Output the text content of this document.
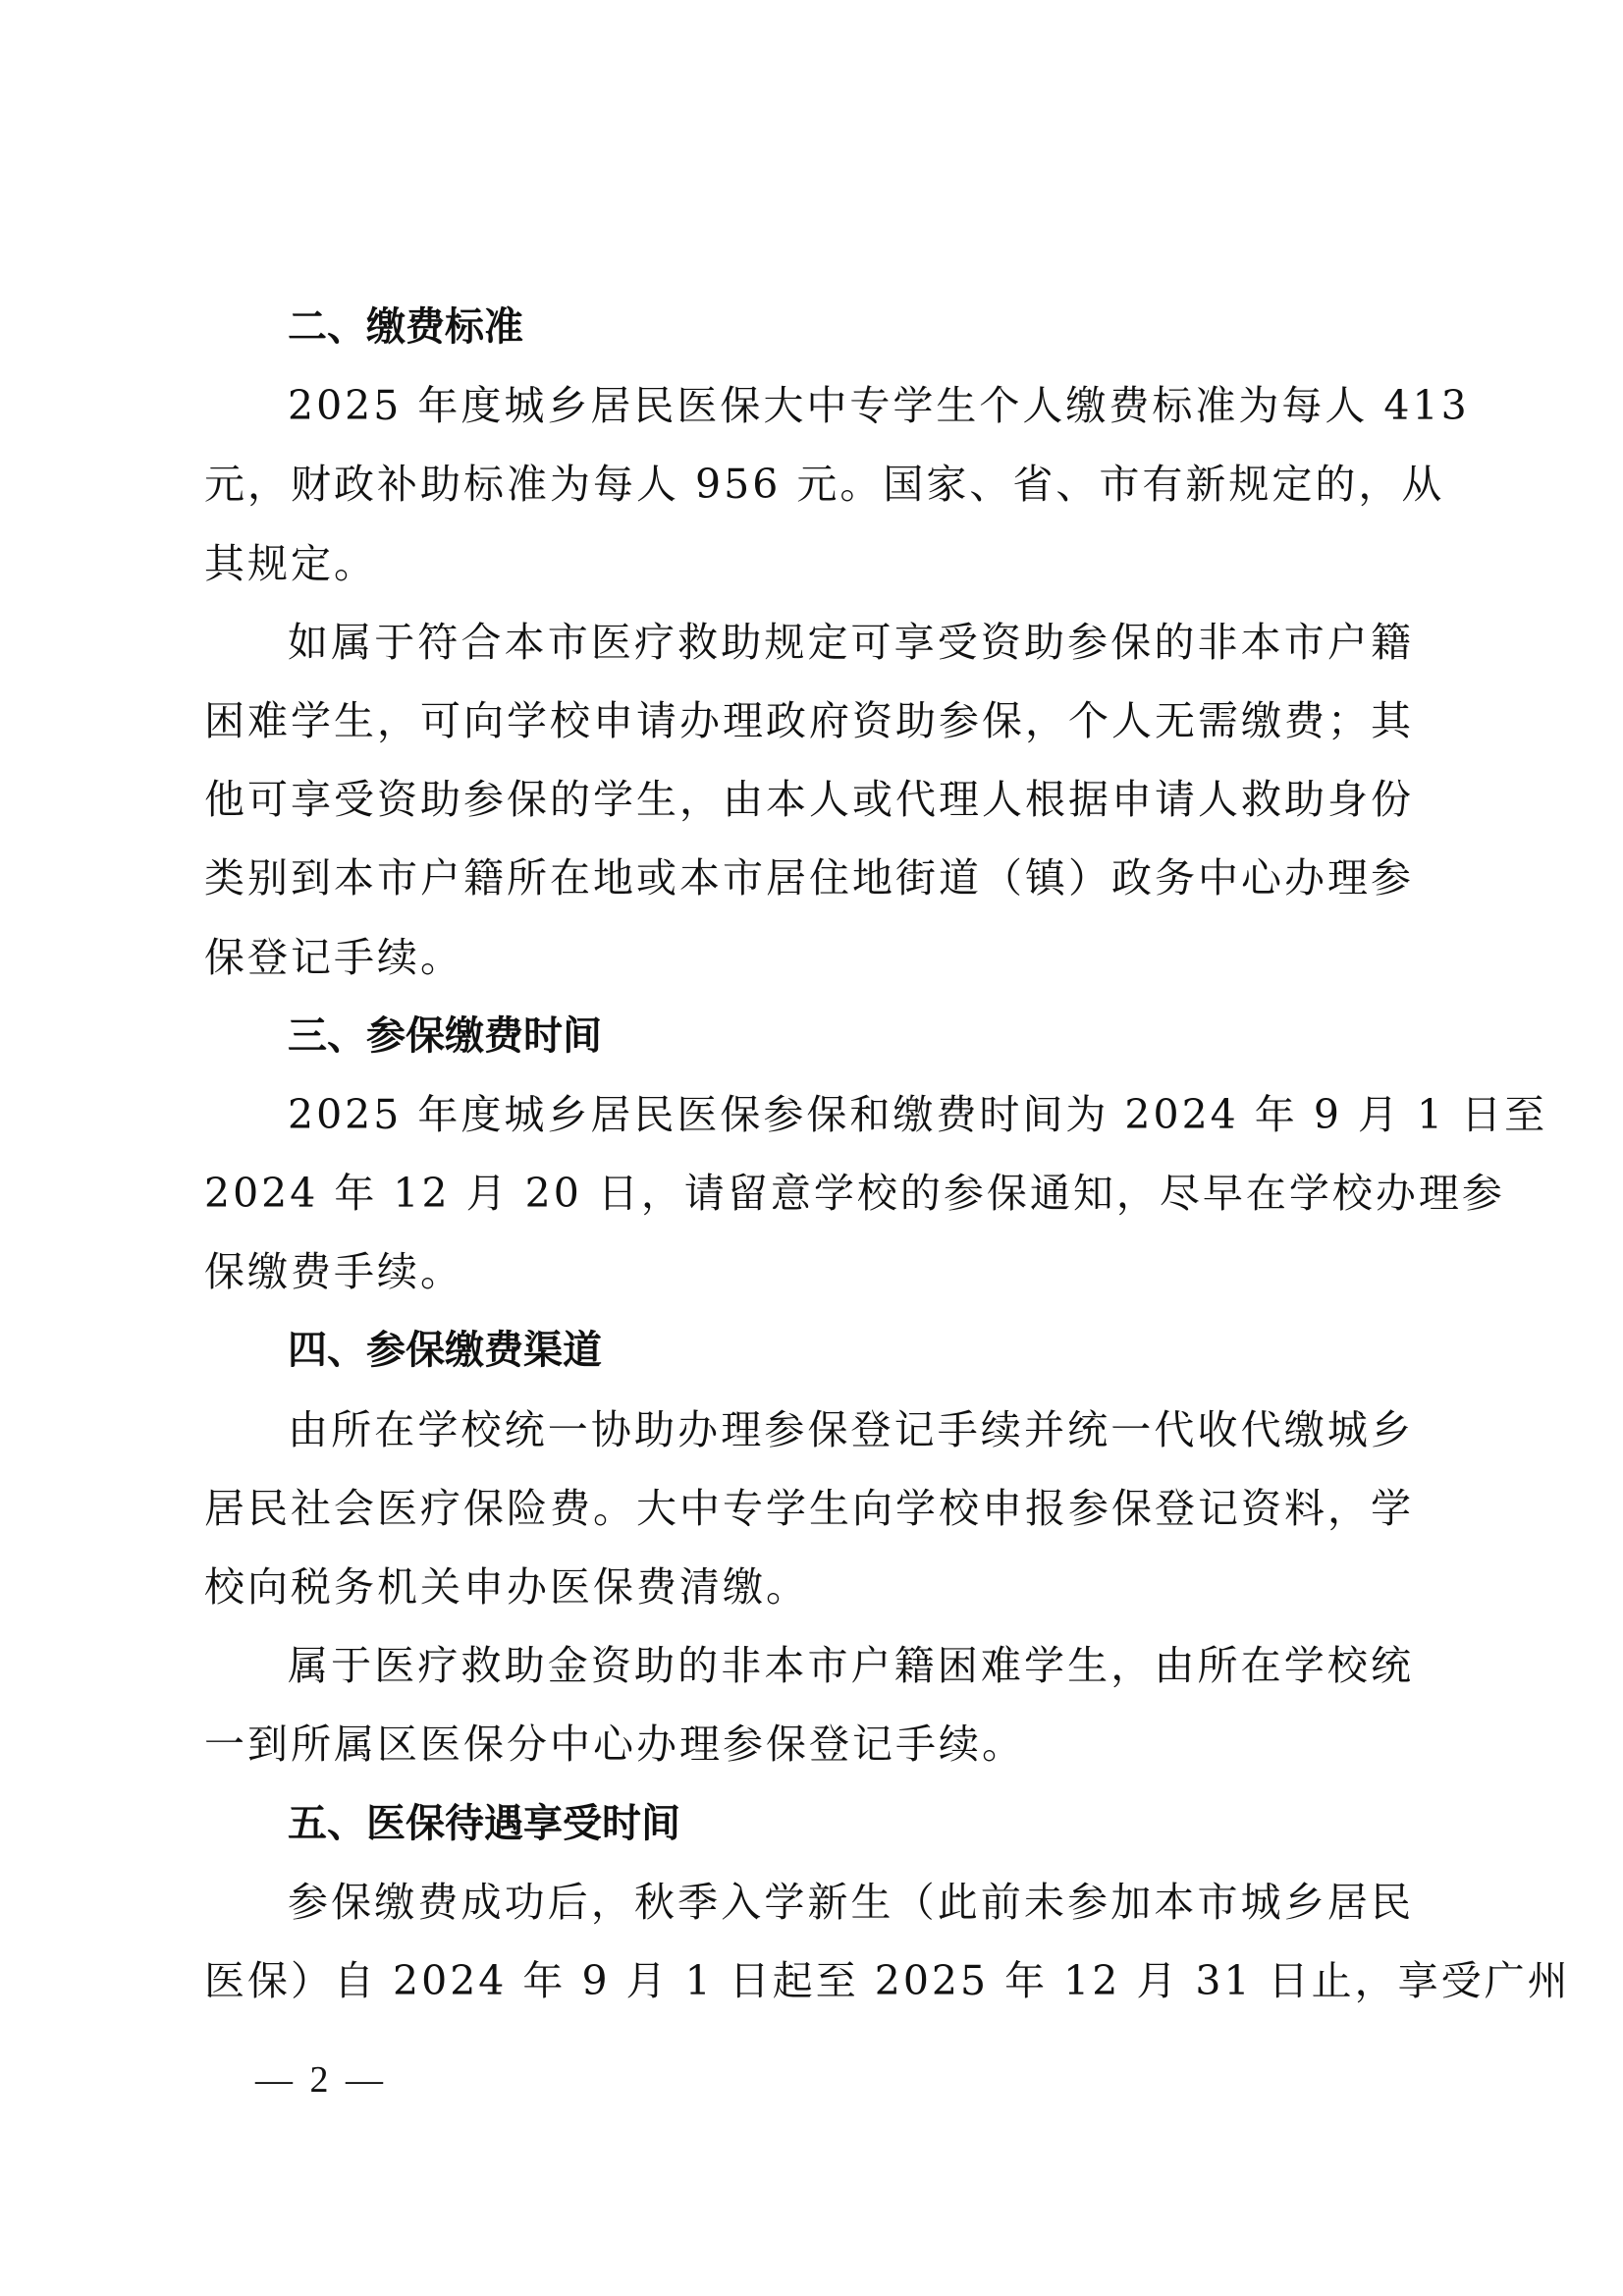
二、缴费标准
2025 年度城乡居民医保大中专学生个人缴费标准为每人 413
元，财政补助标准为每人 956 元。国家、省、市有新规定的，从
其规定。
如属于符合本市医疗救助规定可享受资助参保的非本市户籍
困难学生，可向学校申请办理政府资助参保，个人无需缴费；其
他可享受资助参保的学生，由本人或代理人根据申请人救助身份
类别到本市户籍所在地或本市居住地街道（镇）政务中心办理参
保登记手续。
三、参保缴费时间
2025 年度城乡居民医保参保和缴费时间为 2024 年 9 月 1 日至
2024 年 12 月 20 日，请留意学校的参保通知，尽早在学校办理参
保缴费手续。
四、参保缴费渠道
由所在学校统一协助办理参保登记手续并统一代收代缴城乡
居民社会医疗保险费。大中专学生向学校申报参保登记资料，学
校向税务机关申办医保费清缴。
属于医疗救助金资助的非本市户籍困难学生，由所在学校统
一到所属区医保分中心办理参保登记手续。
五、医保待遇享受时间
参保缴费成功后，秋季入学新生（此前未参加本市城乡居民
医保）自 2024 年 9 月 1 日起至 2025 年 12 月 31 日止，享受广州
— 2 —
